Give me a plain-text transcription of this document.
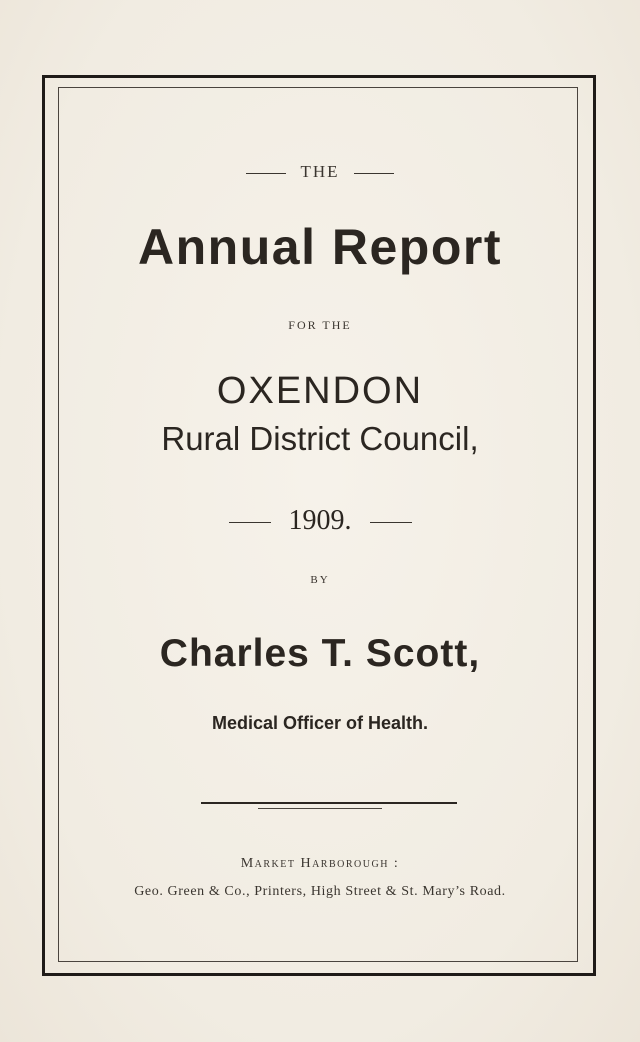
THE
Annual Report
FOR THE
OXENDON
Rural District Council,
1909.
BY
Charles T. Scott,
Medical Officer of Health.
Market Harborough :
Geo. Green & Co., Printers, High Street & St. Mary’s Road.
